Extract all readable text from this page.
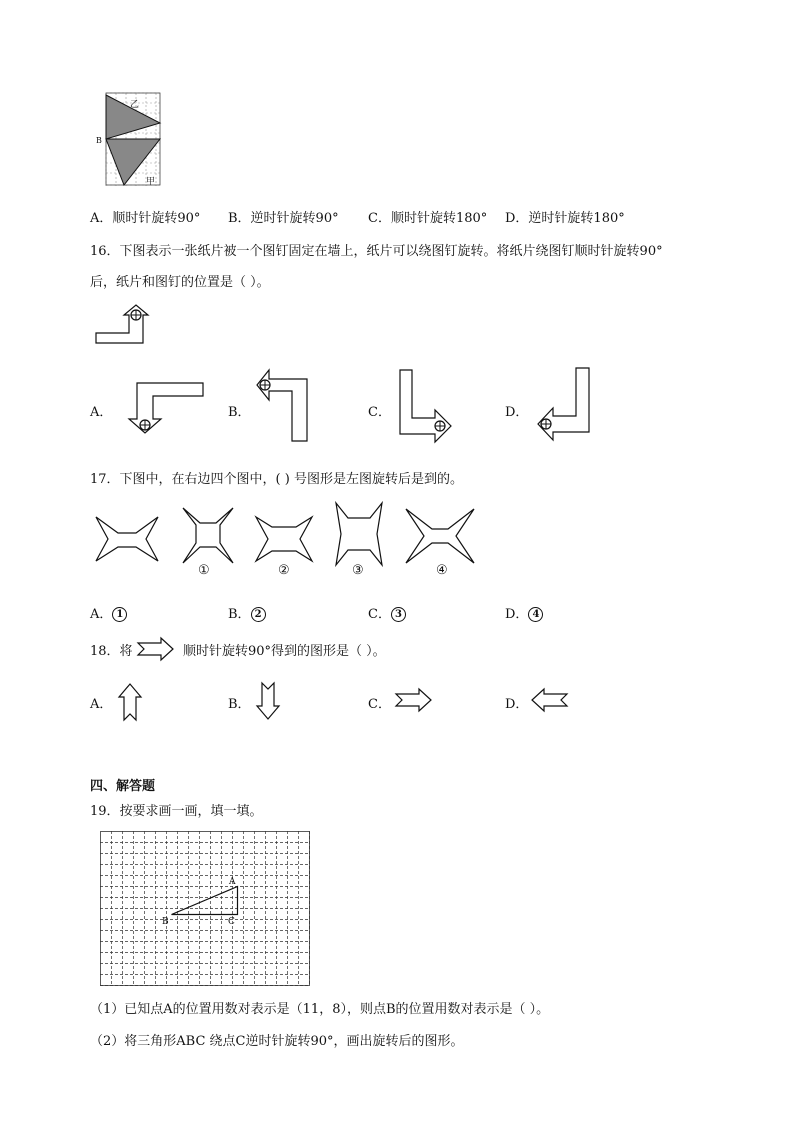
乙
甲
B
A．顺时针旋转90° B．逆时针旋转90° C．顺时针旋转180° D．逆时针旋转180°
16．下图表示一张纸片被一个图钉固定在墙上，纸片可以绕图钉旋转。将纸片绕图钉顺时针旋转90°
后，纸片和图钉的位置是（ ）。
A．	B．	C．	D．
17．下图中，在右边四个图中，( ) 号图形是左图旋转后是到的。
①	②	③	④
A． 1	B． 2	C． 3	D． 4
18．将	顺时针旋转90°得到的图形是（ ）。
A．	B．	C．	D．
四、解答题
19．按要求画一画，填一填。
A
B	C
（1）已知点A的位置用数对表示是（11，8），则点B的位置用数对表示是（ ）。
（2）将三角形ABC 绕点C逆时针旋转90°，画出旋转后的图形。
